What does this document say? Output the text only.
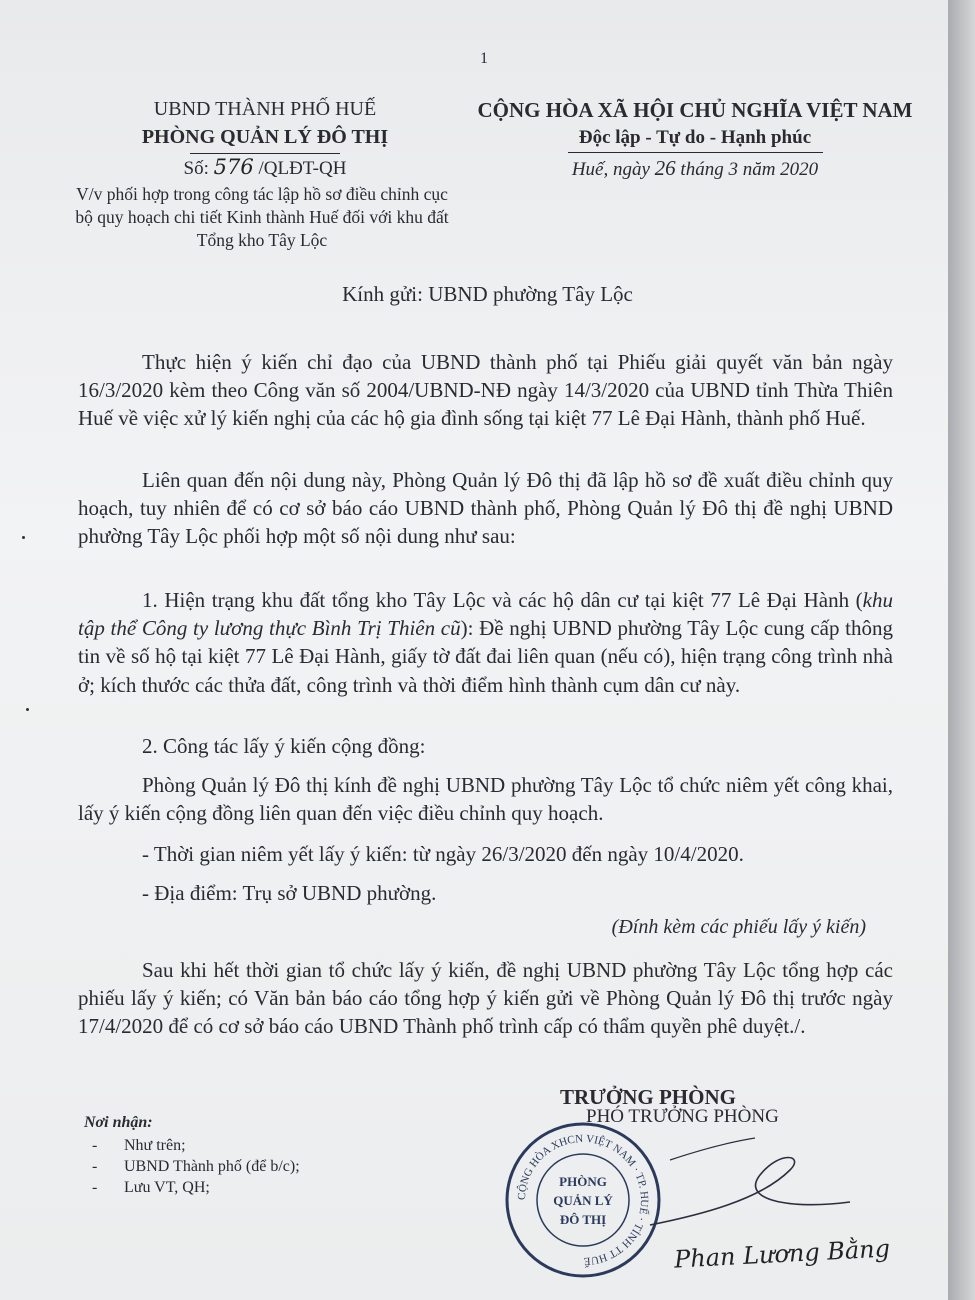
1
UBND THÀNH PHỐ HUẾ
PHÒNG QUẢN LÝ ĐÔ THỊ
Số: 576 /QLĐT-QH
V/v phối hợp trong công tác lập hồ sơ điều chỉnh cục bộ quy hoạch chi tiết Kinh thành Huế đối với khu đất Tổng kho Tây Lộc
CỘNG HÒA XÃ HỘI CHỦ NGHĨA VIỆT NAM
Độc lập - Tự do - Hạnh phúc
Huế, ngày 26 tháng 3 năm 2020
Kính gửi: UBND phường Tây Lộc

Thực hiện ý kiến chỉ đạo của UBND thành phố tại Phiếu giải quyết văn bản ngày 16/3/2020 kèm theo Công văn số 2004/UBND-NĐ ngày 14/3/2020 của UBND tỉnh Thừa Thiên Huế về việc xử lý kiến nghị của các hộ gia đình sống tại kiệt 77 Lê Đại Hành, thành phố Huế.

Liên quan đến nội dung này, Phòng Quản lý Đô thị đã lập hồ sơ đề xuất điều chỉnh quy hoạch, tuy nhiên để có cơ sở báo cáo UBND thành phố, Phòng Quản lý Đô thị đề nghị UBND phường Tây Lộc phối hợp một số nội dung như sau:

1. Hiện trạng khu đất tổng kho Tây Lộc và các hộ dân cư tại kiệt 77 Lê Đại Hành (khu tập thể Công ty lương thực Bình Trị Thiên cũ): Đề nghị UBND phường Tây Lộc cung cấp thông tin về số hộ tại kiệt 77 Lê Đại Hành, giấy tờ đất đai liên quan (nếu có), hiện trạng công trình nhà ở; kích thước các thửa đất, công trình và thời điểm hình thành cụm dân cư này.

2. Công tác lấy ý kiến cộng đồng:

Phòng Quản lý Đô thị kính đề nghị UBND phường Tây Lộc tổ chức niêm yết công khai, lấy ý kiến cộng đồng liên quan đến việc điều chỉnh quy hoạch.

- Thời gian niêm yết lấy ý kiến: từ ngày 26/3/2020 đến ngày 10/4/2020.

- Địa điểm: Trụ sở UBND phường.

(Đính kèm các phiếu lấy ý kiến)

Sau khi hết thời gian tổ chức lấy ý kiến, đề nghị UBND phường Tây Lộc tổng hợp các phiếu lấy ý kiến; có Văn bản báo cáo tổng hợp ý kiến gửi về Phòng Quản lý Đô thị trước ngày 17/4/2020 để có cơ sở báo cáo UBND Thành phố trình cấp có thẩm quyền phê duyệt./.

Nơi nhận:
- Như trên;
- UBND Thành phố (để b/c);
- Lưu VT, QH;
TRƯỞNG PHÒNG
PHÓ TRƯỞNG PHÒNG
CỘNG HÒA XHCN VIỆT NAM · TP. HUẾ · TỈNH TT HUẾ
PHÒNG
QUẢN LÝ
ĐÔ THỊ
Phan Lương Bằng
